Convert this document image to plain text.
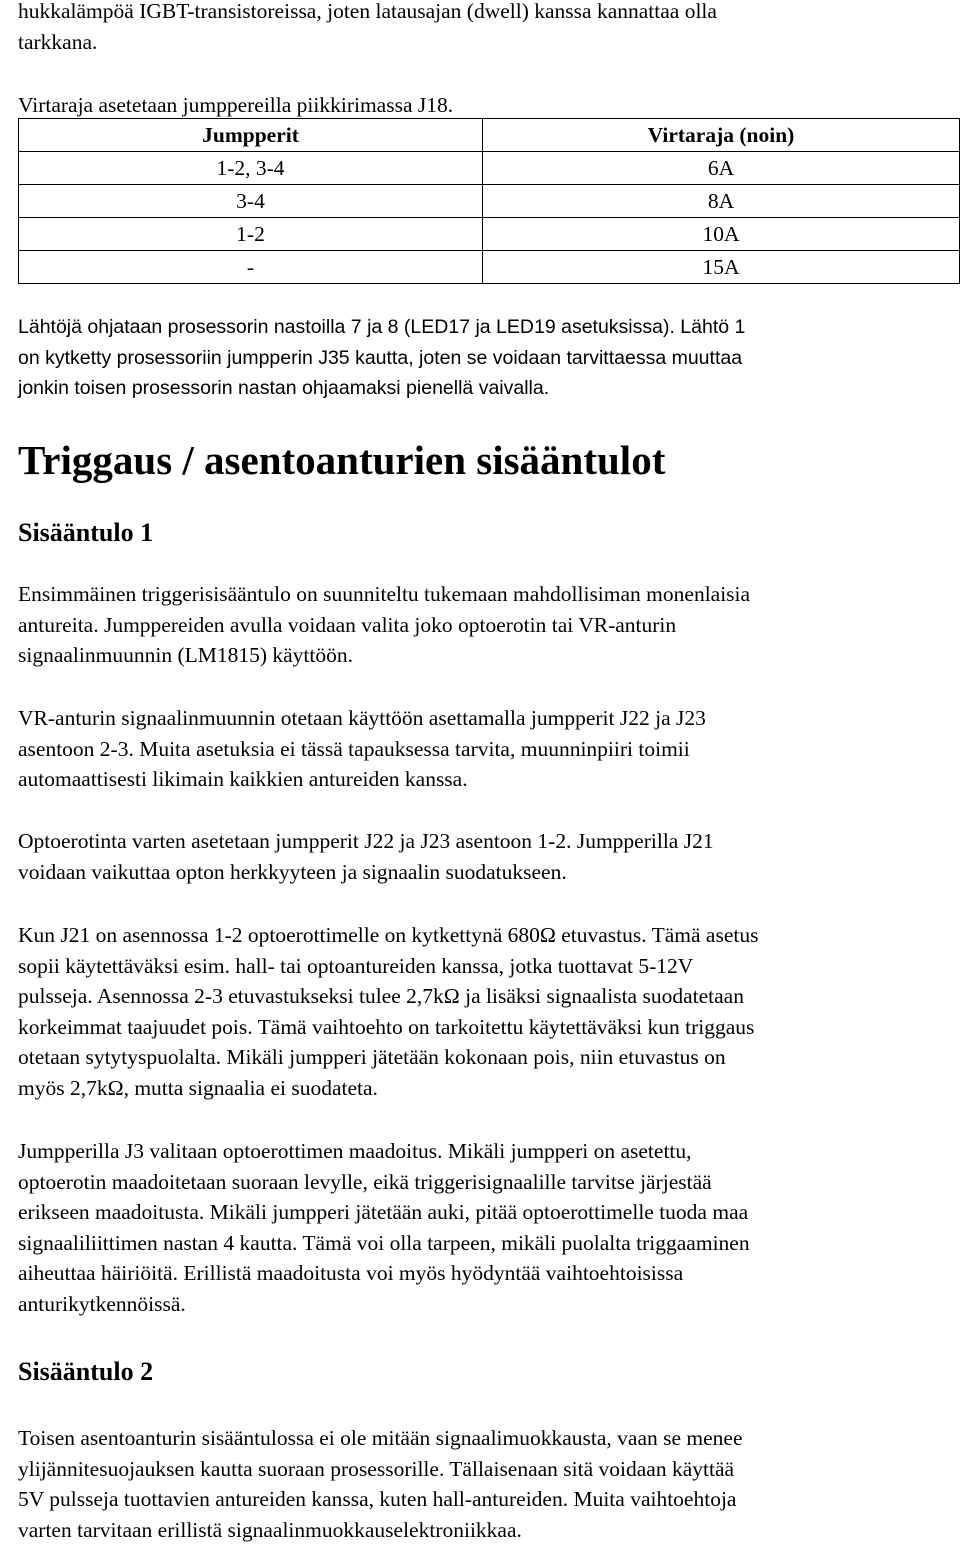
hukkalämpöä IGBT-transistoreissa, joten latausajan (dwell) kanssa kannattaa olla
tarkkana.
Virtaraja asetetaan jumppereilla piikkirimassa J18.
Jumpperit	Virtaraja (noin)
1-2, 3-4	6A
3-4	8A
1-2	10A
-	15A
Lähtöjä ohjataan prosessorin nastoilla 7 ja 8 (LED17 ja LED19 asetuksissa). Lähtö 1
on kytketty prosessoriin jumpperin J35 kautta, joten se voidaan tarvittaessa muuttaa
jonkin toisen prosessorin nastan ohjaamaksi pienellä vaivalla.
Triggaus / asentoanturien sisääntulot
Sisääntulo 1
Ensimmäinen triggerisisääntulo on suunniteltu tukemaan mahdollisiman monenlaisia
antureita. Jumppereiden avulla voidaan valita joko optoerotin tai VR-anturin
signaalinmuunnin (LM1815) käyttöön.
VR-anturin signaalinmuunnin otetaan käyttöön asettamalla jumpperit J22 ja J23
asentoon 2-3. Muita asetuksia ei tässä tapauksessa tarvita, muunninpiiri toimii
automaattisesti likimain kaikkien antureiden kanssa.
Optoerotinta varten asetetaan jumpperit J22 ja J23 asentoon 1-2. Jumpperilla J21
voidaan vaikuttaa opton herkkyyteen ja signaalin suodatukseen.
Kun J21 on asennossa 1-2 optoerottimelle on kytkettynä 680Ω etuvastus. Tämä asetus
sopii käytettäväksi esim. hall- tai optoantureiden kanssa, jotka tuottavat 5-12V
pulsseja. Asennossa 2-3 etuvastukseksi tulee 2,7kΩ ja lisäksi signaalista suodatetaan
korkeimmat taajuudet pois. Tämä vaihtoehto on tarkoitettu käytettäväksi kun triggaus
otetaan sytytyspuolalta. Mikäli jumpperi jätetään kokonaan pois, niin etuvastus on
myös 2,7kΩ, mutta signaalia ei suodateta.
Jumpperilla J3 valitaan optoerottimen maadoitus. Mikäli jumpperi on asetettu,
optoerotin maadoitetaan suoraan levylle, eikä triggerisignaalille tarvitse järjestää
erikseen maadoitusta. Mikäli jumpperi jätetään auki, pitää optoerottimelle tuoda maa
signaaliliittimen nastan 4 kautta. Tämä voi olla tarpeen, mikäli puolalta triggaaminen
aiheuttaa häiriöitä. Erillistä maadoitusta voi myös hyödyntää vaihtoehtoisissa
anturikytkennöissä.
Sisääntulo 2
Toisen asentoanturin sisääntulossa ei ole mitään signaalimuokkausta, vaan se menee
ylijännitesuojauksen kautta suoraan prosessorille. Tällaisenaan sitä voidaan käyttää
5V pulsseja tuottavien antureiden kanssa, kuten hall-antureiden. Muita vaihtoehtoja
varten tarvitaan erillistä signaalinmuokkauselektroniikkaa.
